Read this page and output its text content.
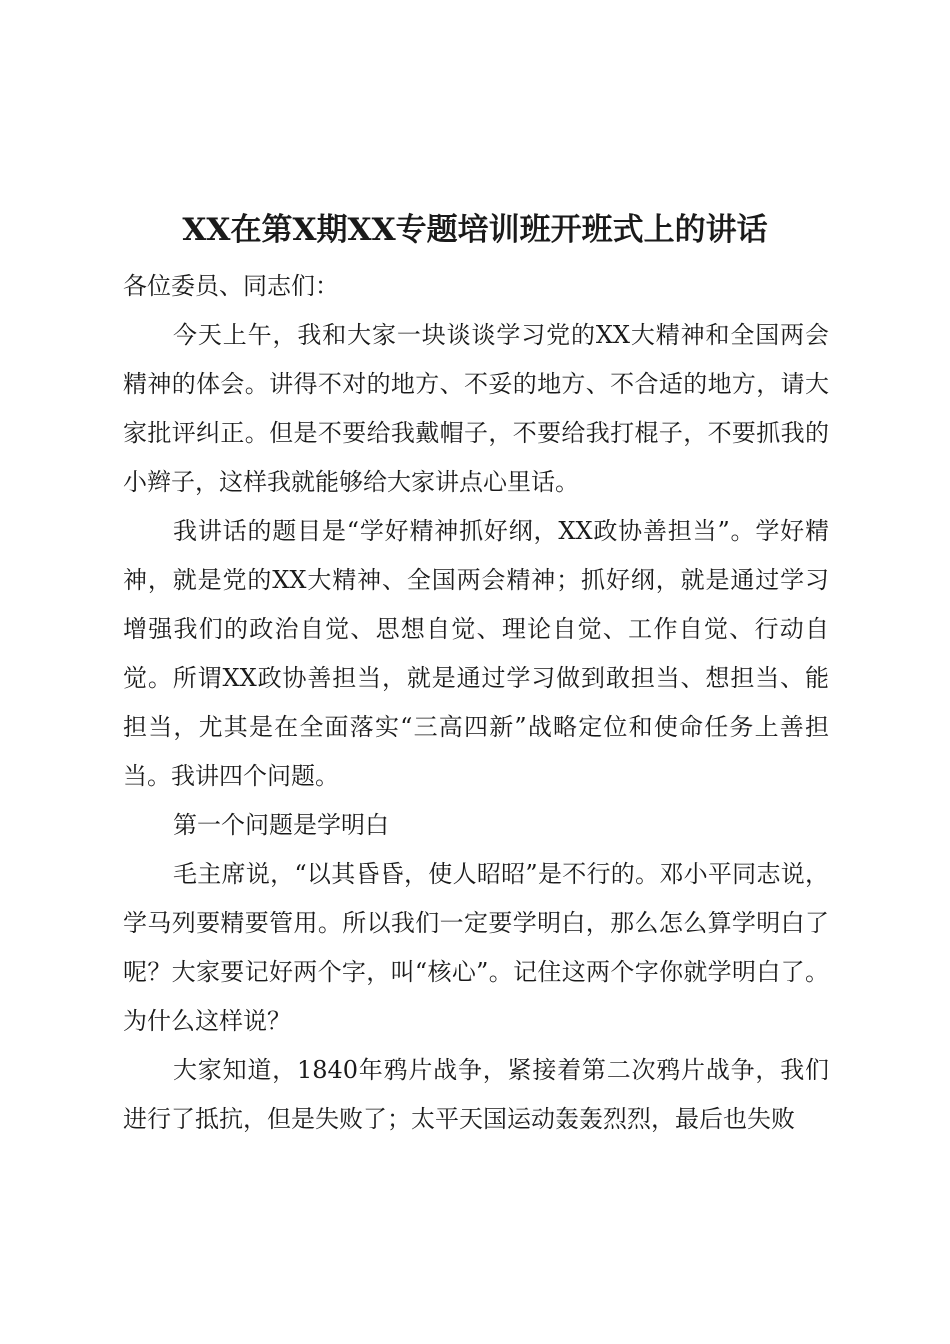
XX在第X期XX专题培训班开班式上的讲话

各位委员、同志们：

今天上午，我和大家一块谈谈学习党的XX大精神和全国两会精神的体会。讲得不对的地方、不妥的地方、不合适的地方，请大家批评纠正。但是不要给我戴帽子，不要给我打棍子，不要抓我的小辫子，这样我就能够给大家讲点心里话。

我讲话的题目是“学好精神抓好纲，XX政协善担当”。学好精神，就是党的XX大精神、全国两会精神；抓好纲，就是通过学习增强我们的政治自觉、思想自觉、理论自觉、工作自觉、行动自觉。所谓XX政协善担当，就是通过学习做到敢担当、想担当、能担当，尤其是在全面落实“三高四新”战略定位和使命任务上善担当。我讲四个问题。

第一个问题是学明白

毛主席说，“以其昏昏，使人昭昭”是不行的。邓小平同志说，学马列要精要管用。所以我们一定要学明白，那么怎么算学明白了呢？大家要记好两个字，叫“核心”。记住这两个字你就学明白了。为什么这样说？

大家知道，1840年鸦片战争，紧接着第二次鸦片战争，我们进行了抵抗，但是失败了；太平天国运动轰轰烈烈，最后也失败
